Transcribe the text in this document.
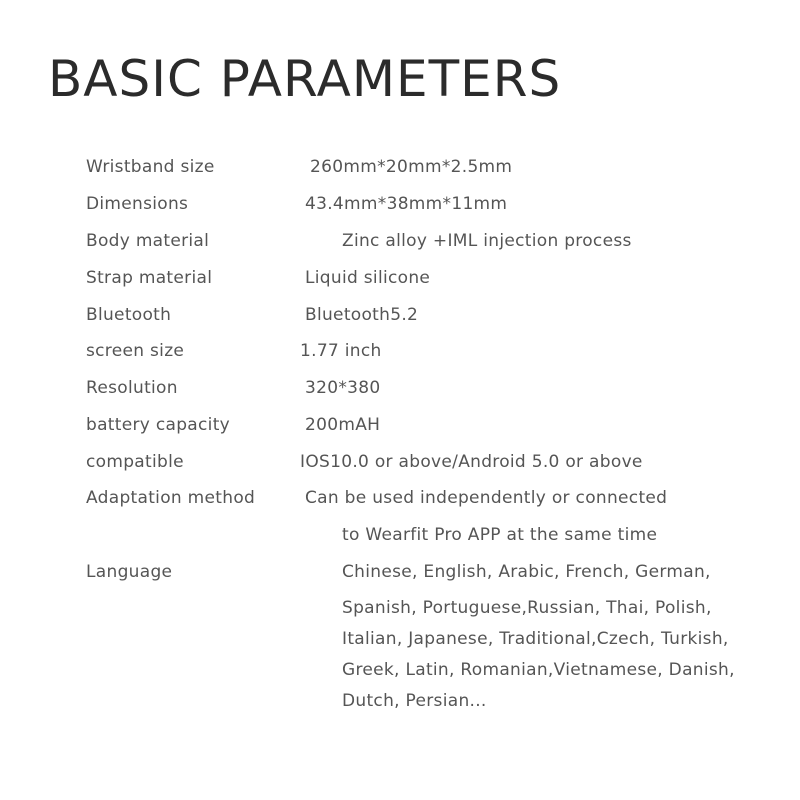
BASIC PARAMETERS
Wristband size	260mm*20mm*2.5mm
Dimensions	43.4mm*38mm*11mm
Body material	Zinc alloy +IML injection process
Strap material	Liquid silicone
Bluetooth	Bluetooth5.2
screen size	1.77 inch
Resolution	320*380
battery capacity	200mAH
compatible	IOS10.0 or above/Android 5.0 or above
Adaptation method	Can be used independently or connected
to Wearfit Pro APP at the same time
Language	Chinese, English, Arabic, French, German,
Spanish, Portuguese,Russian, Thai, Polish,
Italian, Japanese, Traditional,Czech, Turkish,
Greek, Latin, Romanian,Vietnamese, Danish,
Dutch, Persian...
